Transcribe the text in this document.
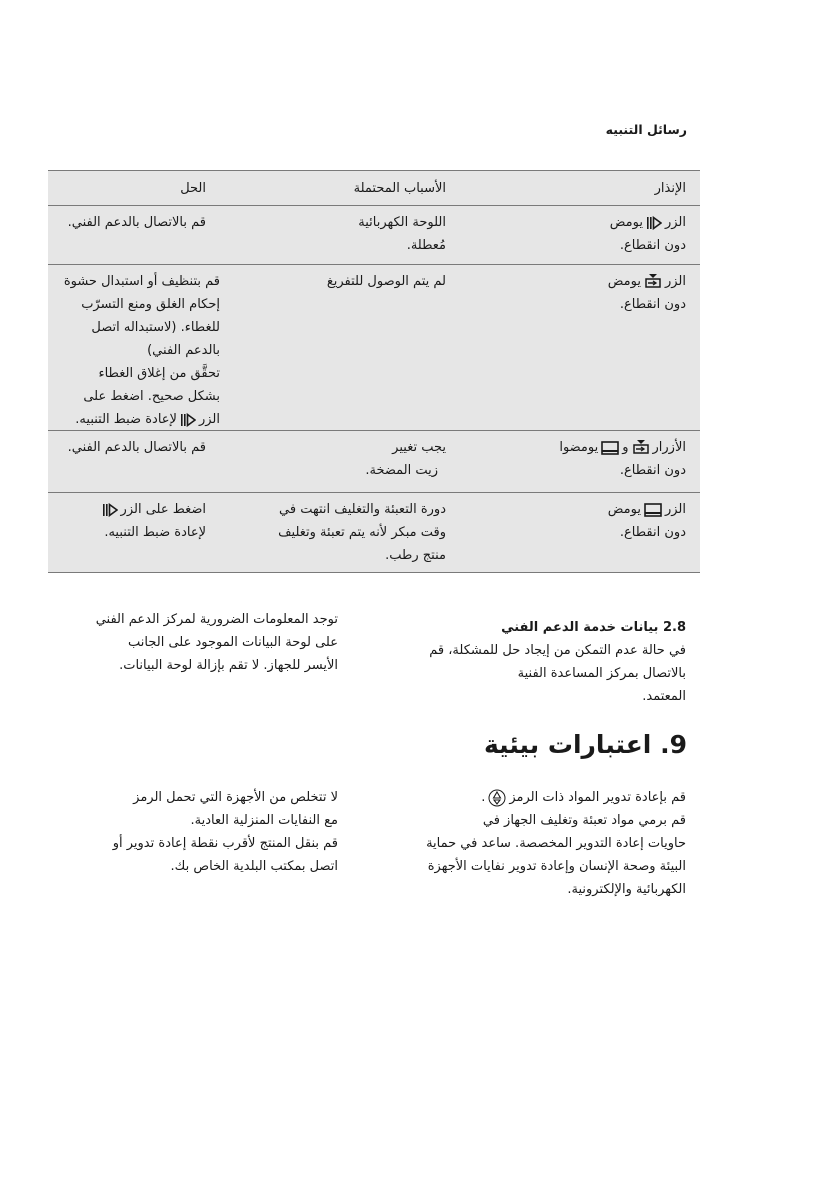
رسائل التنبيه
الإنذار
الأسباب المحتملة
الحل
الزر
يومض
دون انقطاع.
اللوحة الكهربائية
مُعطلة.
قم بالاتصال بالدعم الفني.
الزر
يومض
دون انقطاع.
لم يتم الوصول للتفريغ
قم بتنظيف أو استبدال حشوة
إحكام الغلق ومنع التسرّب
للغطاء. (لاستبداله اتصل
بالدعم الفني)
تحقَّق من إغلاق الغطاء
بشكل صحيح. اضغط على
الزر
لإعادة ضبط التنبيه.
الأزرار
و
يومضوا
دون انقطاع.
يجب تغيير
زيت المضخة.
قم بالاتصال بالدعم الفني.
الزر
يومض
دون انقطاع.
دورة التعبئة والتغليف انتهت في
وقت مبكر لأنه يتم تعبئة وتغليف
منتج رطب.
اضغط على الزر
لإعادة ضبط التنبيه.
2.8 بيانات خدمة الدعم الفني
في حالة عدم التمكن من إيجاد حل للمشكلة، قم
بالاتصال بمركز المساعدة الفنية
المعتمد.
توجد المعلومات الضرورية لمركز الدعم الفني
على لوحة البيانات الموجود على الجانب
الأيسر للجهاز. لا تقم بإزالة لوحة البيانات.
9. اعتبارات بيئية
قم بإعادة تدوير المواد ذات الرمز
.
قم برمي مواد تعبئة وتغليف الجهاز في
حاويات إعادة التدوير المخصصة. ساعد في حماية
البيئة وصحة الإنسان وإعادة تدوير نفايات الأجهزة
الكهربائية والإلكترونية.
لا تتخلص من الأجهزة التي تحمل الرمز
مع النفايات المنزلية العادية.
قم بنقل المنتج لأقرب نقطة إعادة تدوير أو
اتصل بمكتب البلدية الخاص بك.
